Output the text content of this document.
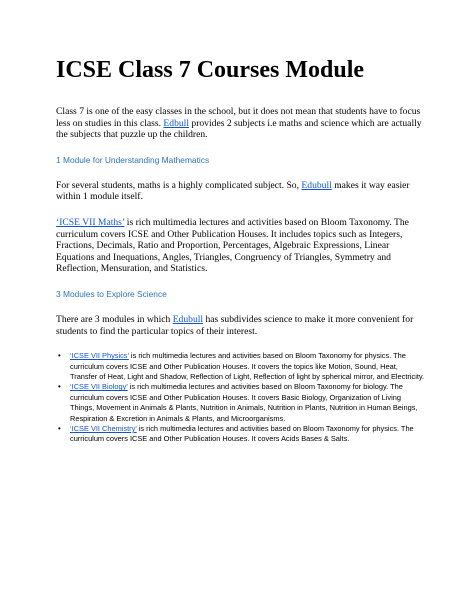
ICSE Class 7 Courses Module

Class 7 is one of the easy classes in the school, but it does not mean that students have to focus less on studies in this class. Edbull provides 2 subjects i.e maths and science which are actually the subjects that puzzle up the children.

1 Module for Understanding Mathematics

For several students, maths is a highly complicated subject. So, Edubull makes it way easier within 1 module itself.

‘ICSE VII Maths’ is rich multimedia lectures and activities based on Bloom Taxonomy. The curriculum covers ICSE and Other Publication Houses. It includes topics such as Integers, Fractions, Decimals, Ratio and Proportion, Percentages, Algebraic Expressions, Linear Equations and Inequations, Angles, Triangles, Congruency of Triangles, Symmetry and Reflection, Mensuration, and Statistics.

3 Modules to Explore Science

There are 3 modules in which Edubull has subdivides science to make it more convenient for students to find the particular topics of their interest.

• ‘ICSE VII Physics’ is rich multimedia lectures and activities based on Bloom Taxonomy for physics. The curriculum covers ICSE and Other Publication Houses. It covers the topics like Motion, Sound, Heat, Transfer of Heat, Light and Shadow, Reflection of Light, Reflection of light by spherical mirror, and Electricity.
• ‘ICSE VII Biology’ is rich multimedia lectures and activities based on Bloom Taxonomy for biology. The curriculum covers ICSE and Other Publication Houses. It covers Basic Biology, Organization of Living Things, Movement in Animals & Plants, Nutrition in Animals, Nutrition in Plants, Nutrition in Human Beings, Respiration & Excretion in Animals & Plants, and Microorganisms.
• ‘ICSE VII Chemistry’ is rich multimedia lectures and activities based on Bloom Taxonomy for physics. The curriculum covers ICSE and Other Publication Houses. It covers Acids Bases & Salts.
